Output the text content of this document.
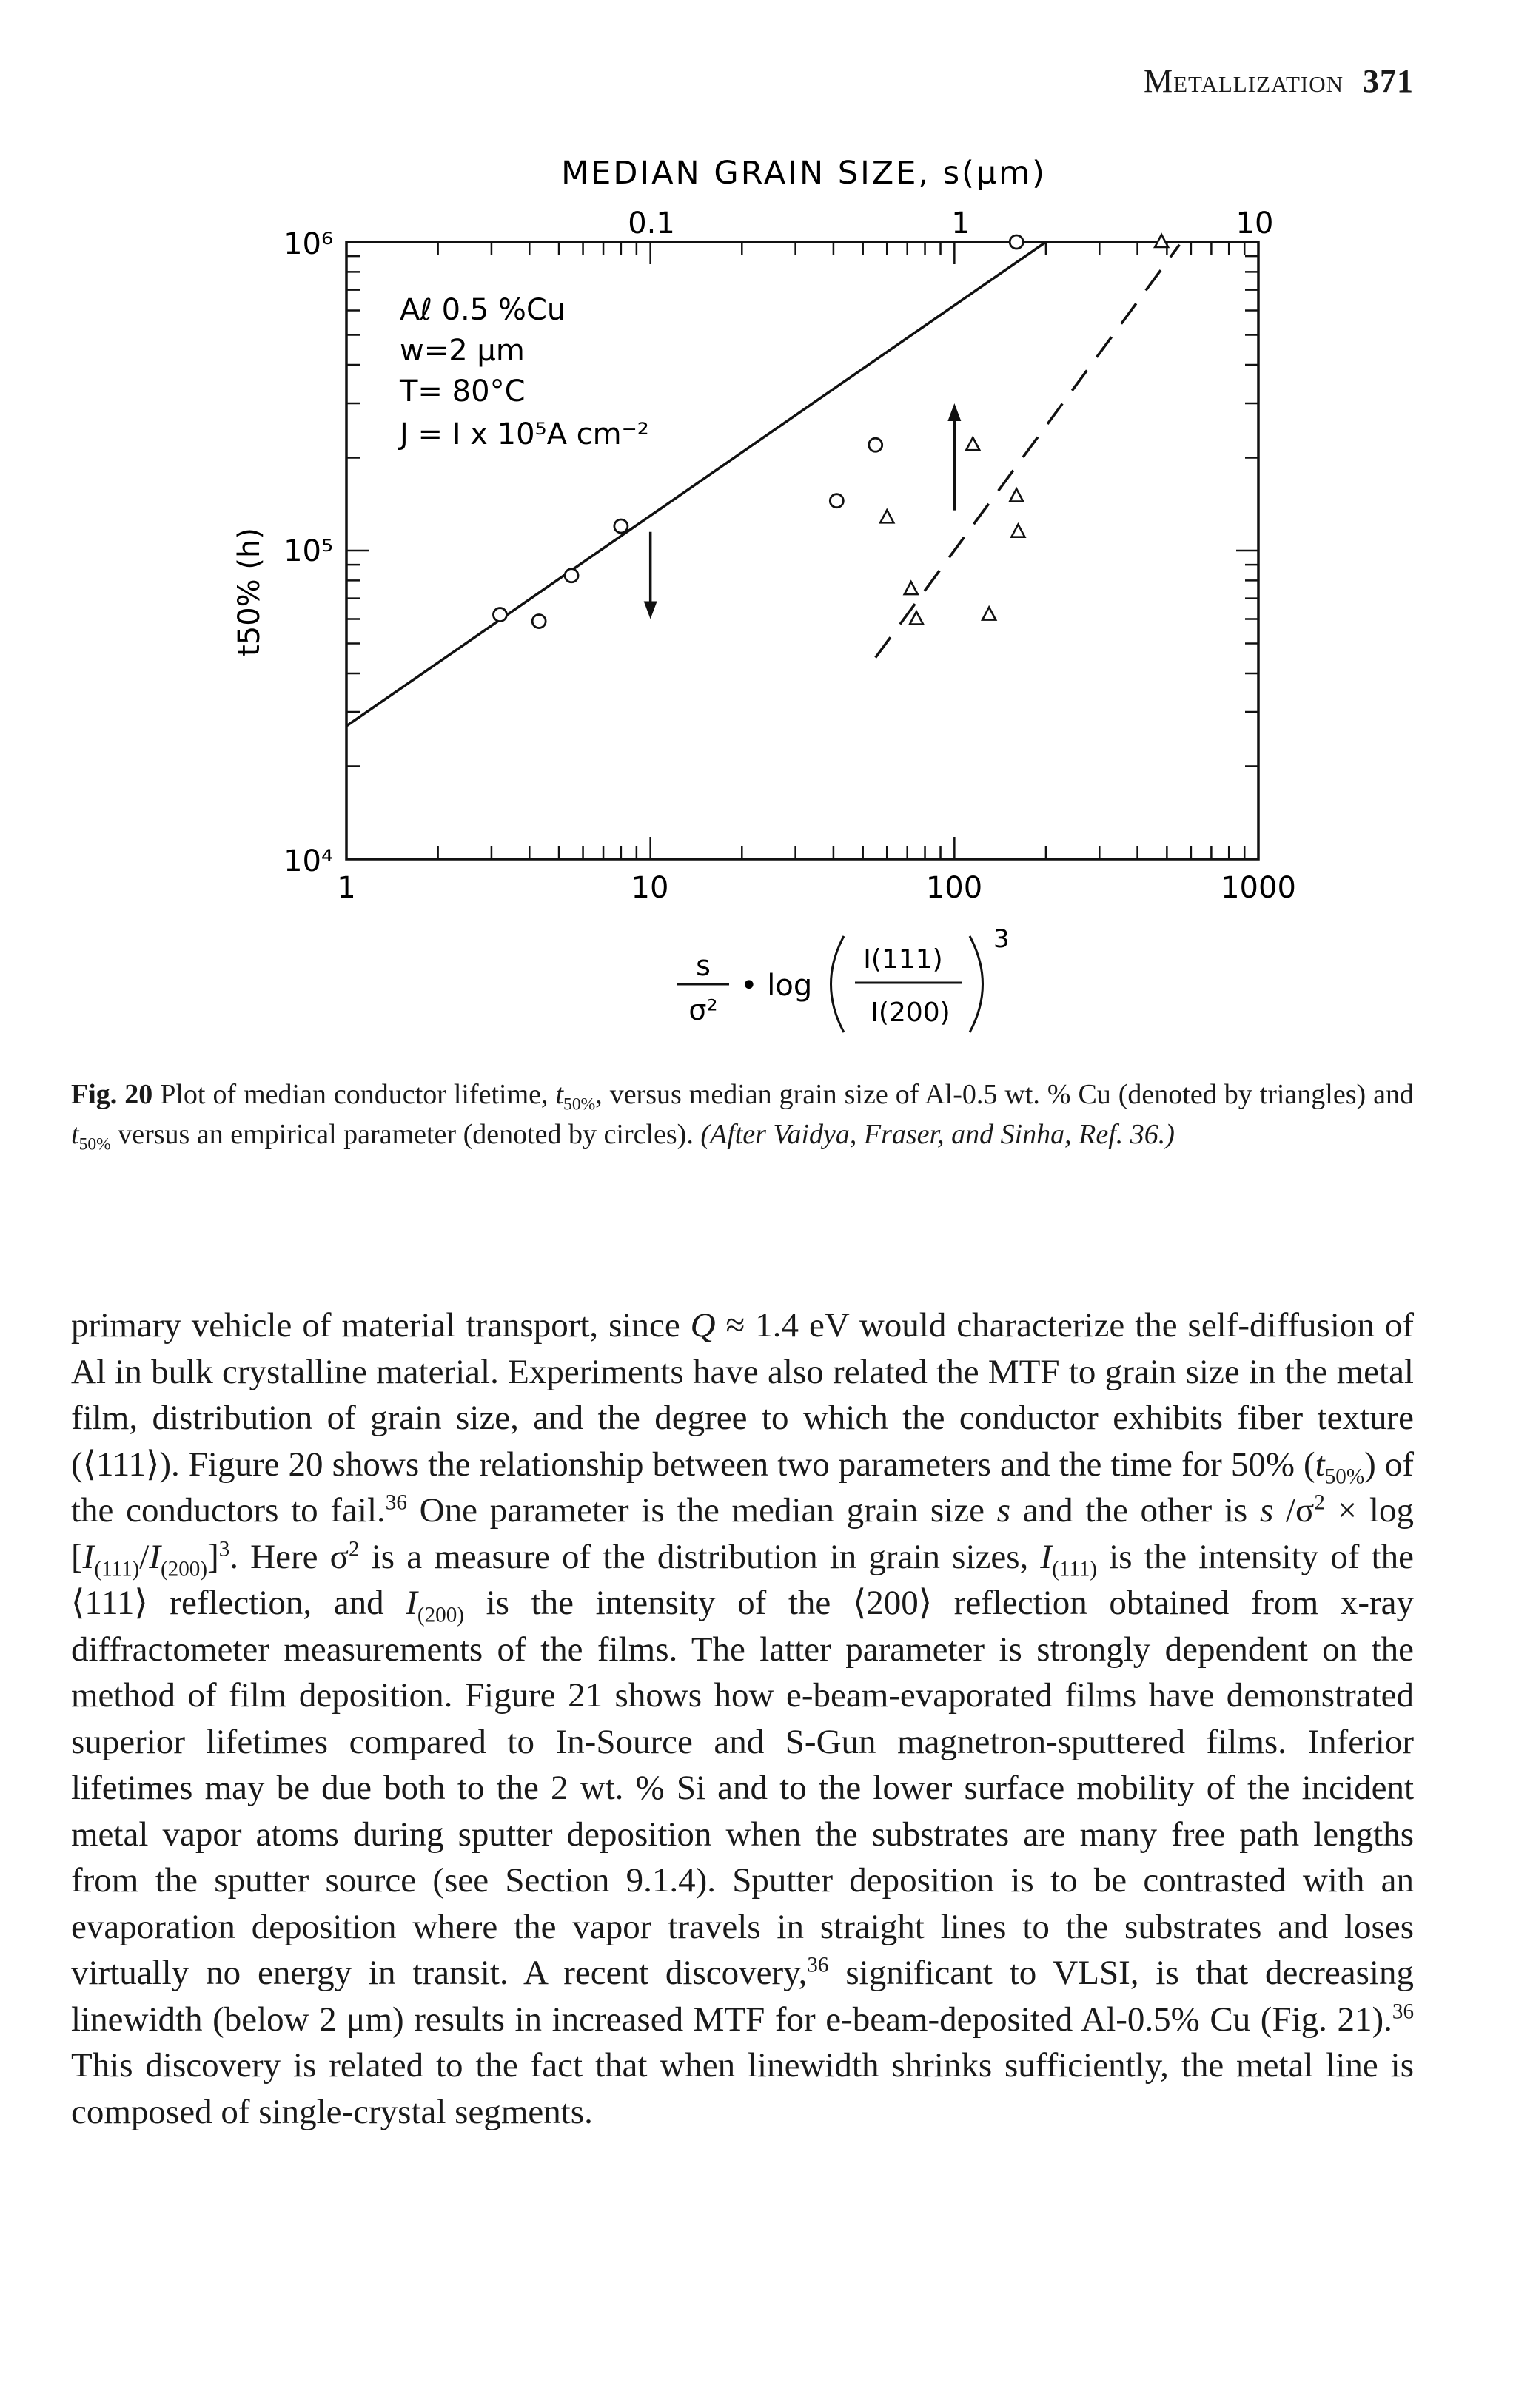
Metallization 371
MEDIAN GRAIN SIZE, s(μm)
0.1	1	10
1	10	100	1000
10⁴
10⁵
10⁶
t50% (h)
Aℓ 0.5 %Cu
w=2 μm
T= 80°C
J = I x 10⁵A cm⁻²
s
σ²
• log
I(111)
I(200)
3
Fig. 20 Plot of median conductor lifetime, $t_{50\%}$, versus median grain size of Al-0.5 wt. % Cu (denoted by triangles) and $t_{50\%}$ versus an empirical parameter (denoted by circles). (After Vaidya, Fraser, and Sinha, Ref. 36.)

primary vehicle of material transport, since Q ≈ 1.4 eV would characterize the self-diffusion of Al in bulk crystalline material. Experiments have also related the MTF to grain size in the metal film, distribution of grain size, and the degree to which the conductor exhibits fiber texture (⟨111⟩). Figure 20 shows the relationship between two parameters and the time for 50% $(t_{50\%})$ of the conductors to fail.$^{36}$ One parameter is the median grain size s and the other is s $/\sigma^2 \times \log [I_{(111)}/I_{(200)}]^3$. Here $\sigma^2$ is a measure of the distribution in grain sizes, $I_{(111)}$ is the intensity of the ⟨111⟩ reflection, and $I_{(200)}$ is the intensity of the ⟨200⟩ reflection obtained from x-ray diffractometer measurements of the films. The latter parameter is strongly dependent on the method of film deposition. Figure 21 shows how e-beam-evaporated films have demonstrated superior lifetimes compared to In-Source and S-Gun magnetron-sputtered films. Inferior lifetimes may be due both to the 2 wt. % Si and to the lower surface mobility of the incident metal vapor atoms during sputter deposition when the substrates are many free path lengths from the sputter source (see Section 9.1.4). Sputter deposition is to be contrasted with an evaporation deposition where the vapor travels in straight lines to the substrates and loses virtually no energy in transit. A recent discovery,$^{36}$ significant to VLSI, is that decreasing linewidth (below 2 μm) results in increased MTF for e-beam-deposited Al-0.5% Cu (Fig. 21).$^{36}$ This discovery is related to the fact that when linewidth shrinks sufficiently, the metal line is composed of single-crystal segments.
